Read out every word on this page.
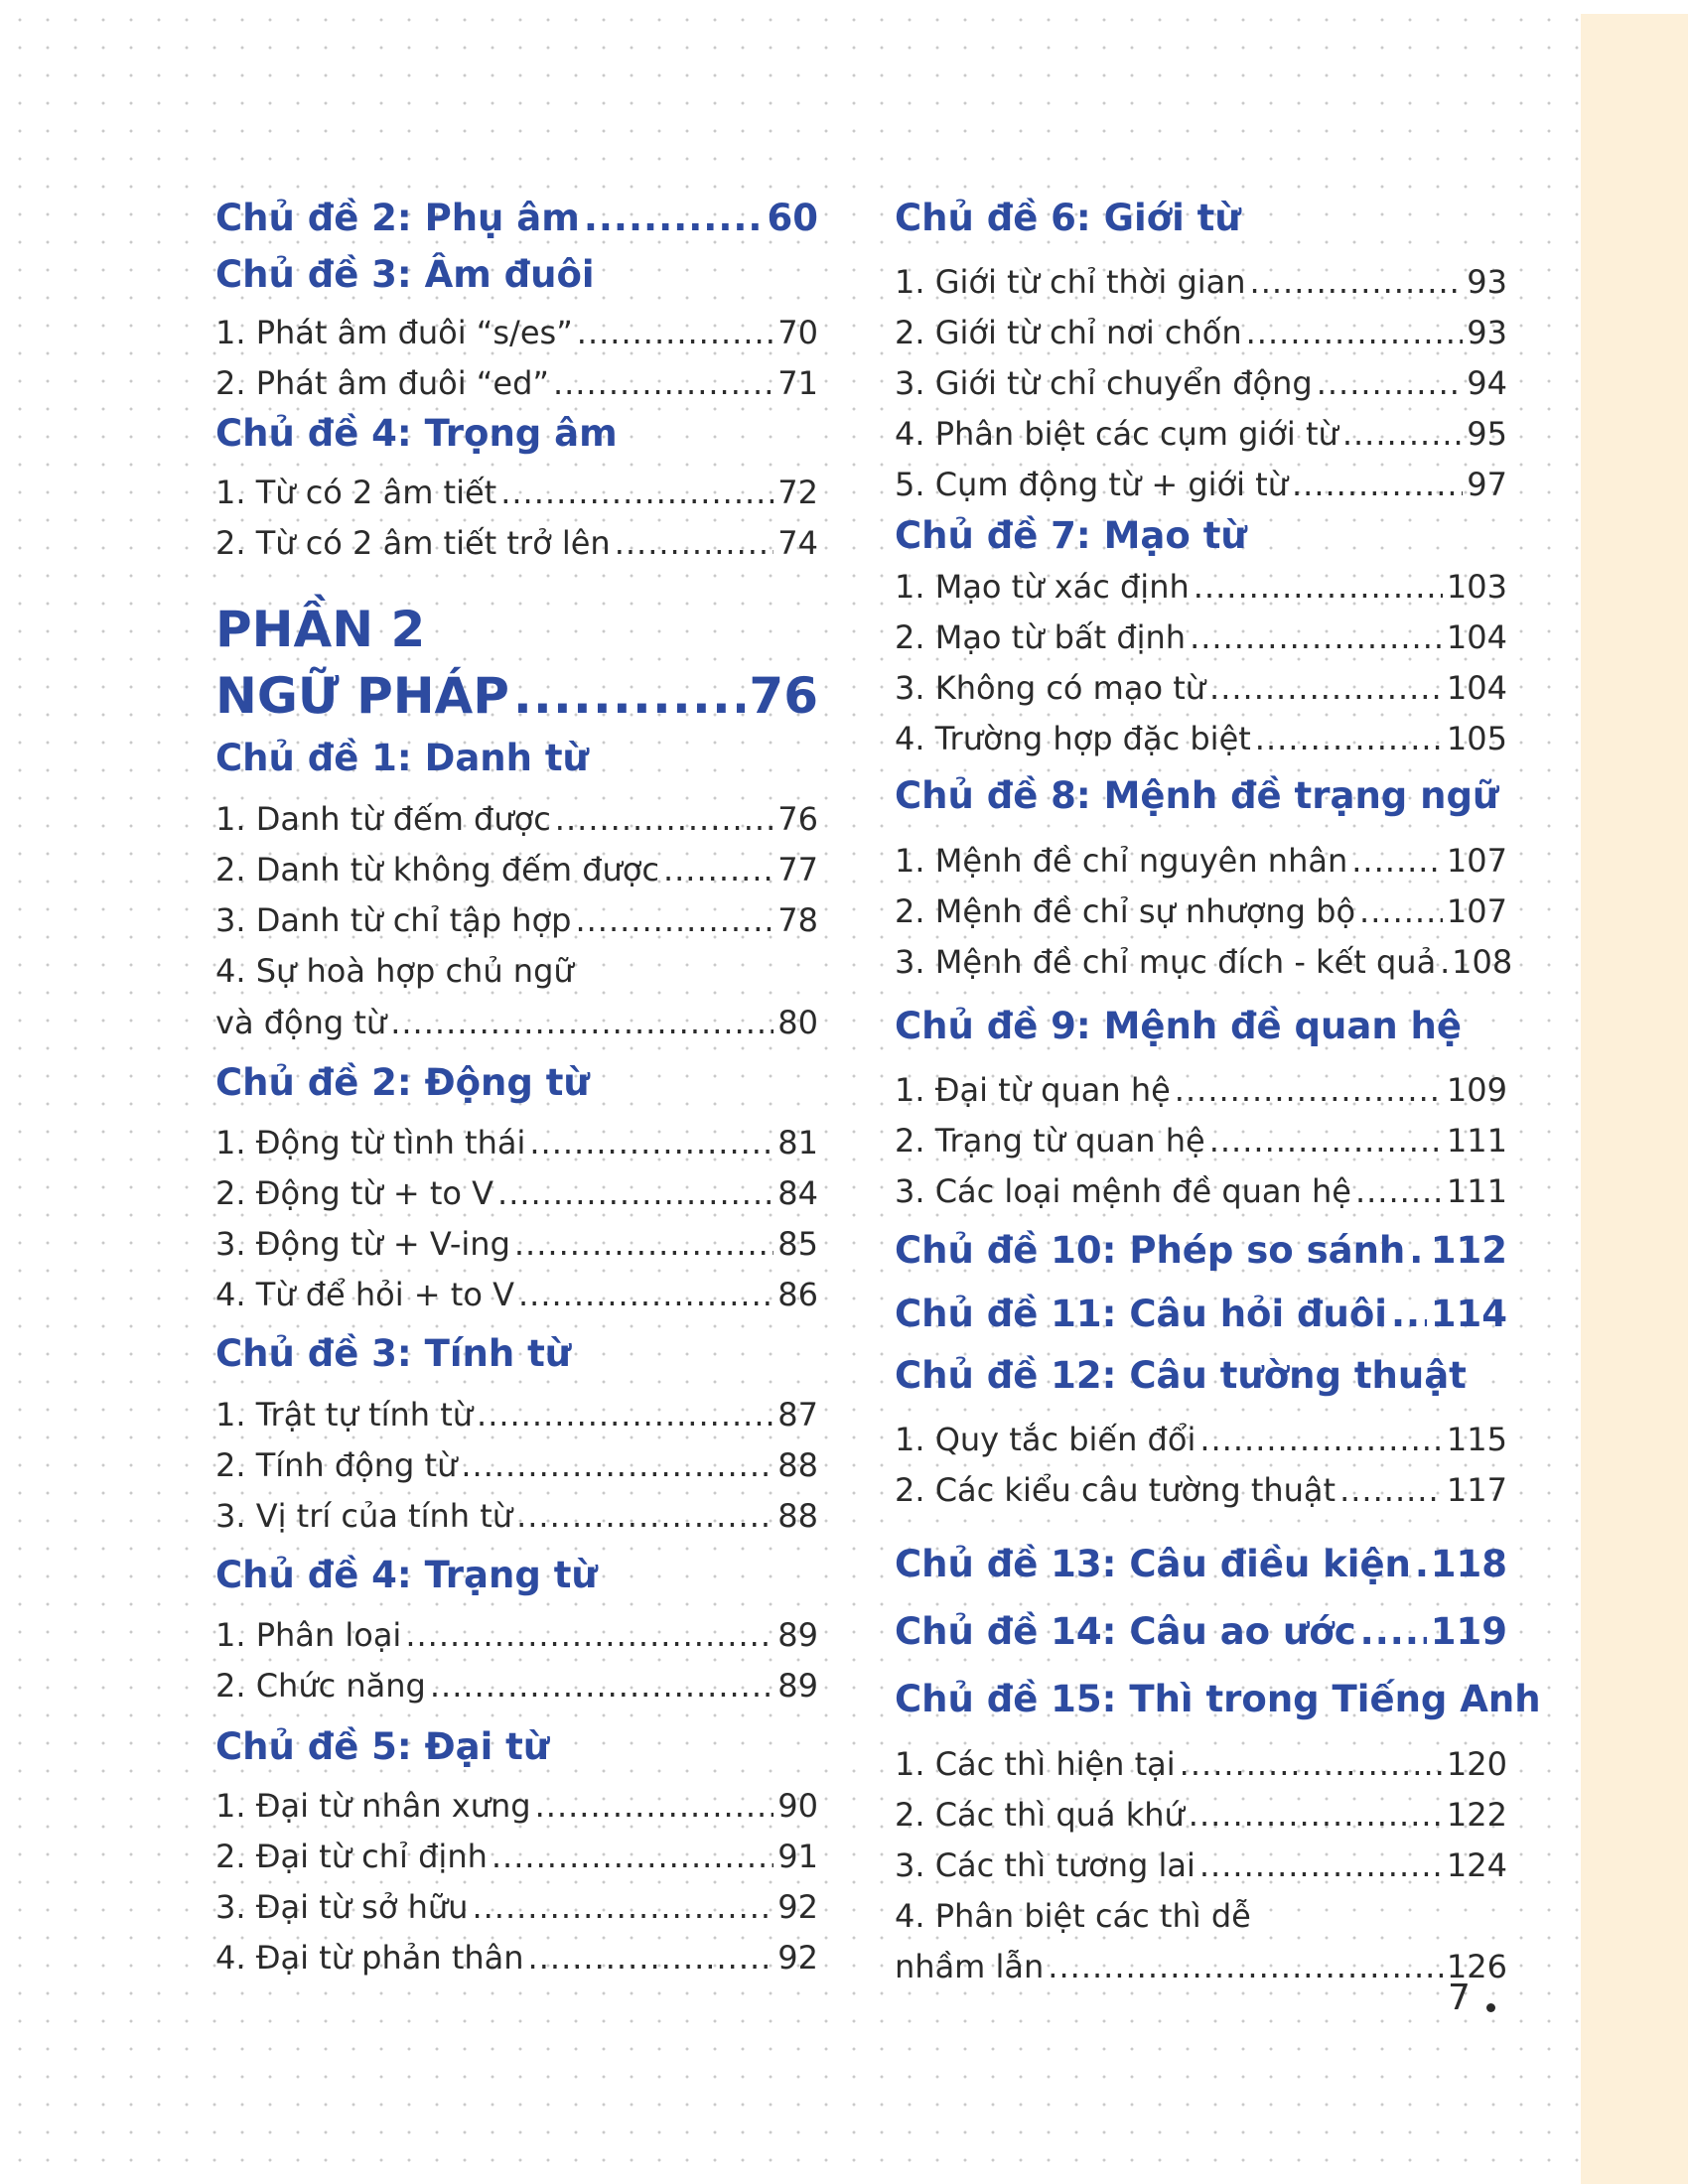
Chủ đề 2: Phụ âm .....	60
Chủ đề 3: Âm đuôi
1. Phát âm đuôi “s/es” .....	70
2. Phát âm đuôi “ed” .....	71
Chủ đề 4: Trọng âm
1. Từ có 2 âm tiết .....	72
2. Từ có 2 âm tiết trở lên .....	74
PHẦN 2
NGỮ PHÁP .....	76
Chủ đề 1: Danh từ
1. Danh từ đếm được .....	76
2. Danh từ không đếm được .....	77
3. Danh từ chỉ tập hợp .....	78
4. Sự hoà hợp chủ ngữ
và động từ .....	80
Chủ đề 2: Động từ
1. Động từ tình thái .....	81
2. Động từ + to V .....	84
3. Động từ + V-ing .....	85
4. Từ để hỏi + to V .....	86
Chủ đề 3: Tính từ
1. Trật tự tính từ .....	87
2. Tính động từ .....	88
3. Vị trí của tính từ .....	88
Chủ đề 4: Trạng từ
1. Phân loại .....	89
2. Chức năng .....	89
Chủ đề 5: Đại từ
1. Đại từ nhân xưng .....	90
2. Đại từ chỉ định .....	91
3. Đại từ sở hữu .....	92
4. Đại từ phản thân .....	92
Chủ đề 6: Giới từ
1. Giới từ chỉ thời gian .....	93
2. Giới từ chỉ nơi chốn .....	93
3. Giới từ chỉ chuyển động .....	94
4. Phân biệt các cụm giới từ .....	95
5. Cụm động từ + giới từ .....	97
Chủ đề 7: Mạo từ
1. Mạo từ xác định .....	103
2. Mạo từ bất định .....	104
3. Không có mạo từ .....	104
4. Trường hợp đặc biệt .....	105
Chủ đề 8: Mệnh đề trạng ngữ
1. Mệnh đề chỉ nguyên nhân .....	107
2. Mệnh đề chỉ sự nhượng bộ .....	107
3. Mệnh đề chỉ mục đích - kết quả ..... 108
Chủ đề 9: Mệnh đề quan hệ
1. Đại từ quan hệ .....	109
2. Trạng từ quan hệ .....	111
3. Các loại mệnh đề quan hệ .....	111
Chủ đề 10: Phép so sánh ..... 112
Chủ đề 11: Câu hỏi đuôi ..... 114
Chủ đề 12: Câu tường thuật
1. Quy tắc biến đổi .....	115
2. Các kiểu câu tường thuật .....	117
Chủ đề 13: Câu điều kiện ..... 118
Chủ đề 14: Câu ao ước ..... 119
Chủ đề 15: Thì trong Tiếng Anh
1. Các thì hiện tại .....	120
2. Các thì quá khứ .....	122
3. Các thì tương lai .....	124
4. Phân biệt các thì dễ
nhầm lẫn .....	126
7
